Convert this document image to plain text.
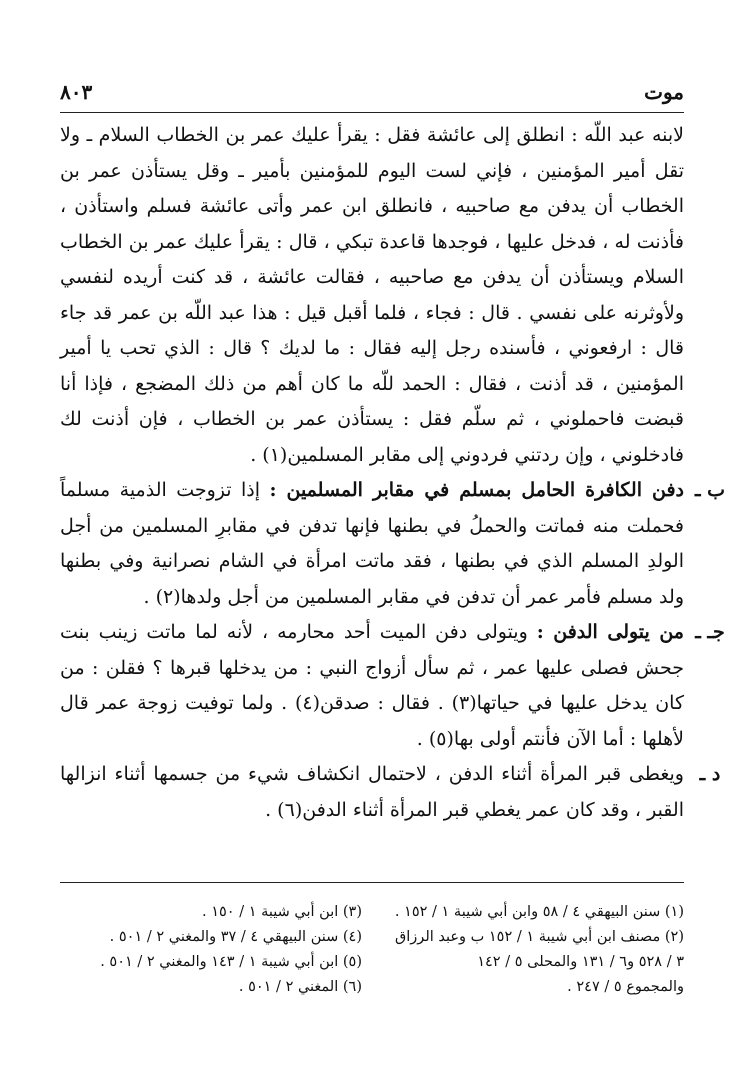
٨٠٣	موت

لابنه عبد اللّه : انطلق إلى عائشة فقل : يقرأ عليك عمر بن الخطاب السلام ـ ولا تقل أمير المؤمنين ، فإني لست اليوم للمؤمنين بأمير ـ وقل يستأذن عمر بن الخطاب أن يدفن مع صاحبيه ، فانطلق ابن عمر وأتى عائشة فسلم واستأذن ، فأذنت له ، فدخل عليها ، فوجدها قاعدة تبكي ، قال : يقرأ عليك عمر بن الخطاب السلام ويستأذن أن يدفن مع صاحبيه ، فقالت عائشة ، قد كنت أريده لنفسي ولأوثرنه على نفسي . قال : فجاء ، فلما أقبل قيل : هذا عبد اللّه بن عمر قد جاء قال : ارفعوني ، فأسنده رجل إليه فقال : ما لديك ؟ قال : الذي تحب يا أمير المؤمنين ، قد أذنت ، فقال : الحمد للّه ما كان أهم من ذلك المضجع ، فإذا أنا قبضت فاحملوني ، ثم سلّم فقل : يستأذن عمر بن الخطاب ، فإن أذنت لك فادخلوني ، وإن ردتني فردوني إلى مقابر المسلمين(١) .

ب ـ

دفن الكافرة الحامل بمسلم في مقابر المسلمين : إذا تزوجت الذمية مسلماً فحملت منه فماتت والحملُ في بطنها فإنها تدفن في مقابرِ المسلمين من أجل الولدِ المسلم الذي في بطنها ، فقد ماتت امرأة في الشام نصرانية وفي بطنها ولد مسلم فأمر عمر أن تدفن في مقابر المسلمين من أجل ولدها(٢) .

جـ ـ

من يتولى الدفن : ويتولى دفن الميت أحد محارمه ، لأنه لما ماتت زينب بنت جحش فصلى عليها عمر ، ثم سأل أزواج النبي : من يدخلها قبرها ؟ فقلن : من كان يدخل عليها في حياتها(٣) . فقال : صدقن(٤) . ولما توفيت زوجة عمر قال لأهلها : أما الآن فأنتم أولى بها(٥) .

د ـ

ويغطى قبر المرأة أثناء الدفن ، لاحتمال انكشاف شيء من جسمها أثناء انزالها القبر ، وقد كان عمر يغطي قبر المرأة أثناء الدفن(٦) .

(١) سنن البيهقي ٤ / ٥٨ وابن أبي شيبة ١ / ١٥٢ .
(٢) مصنف ابن أبي شيبة ١ / ١٥٢ ب وعبد الرزاق
٣ / ٥٢٨ و٦ / ١٣١ والمحلى ٥ / ١٤٢
والمجموع ٥ / ٢٤٧ .
(٣) ابن أبي شيبة ١ / ١٥٠ .
(٤) سنن البيهقي ٤ / ٣٧ والمغني ٢ / ٥٠١ .
(٥) ابن أبي شيبة ١ / ١٤٣ والمغني ٢ / ٥٠١ .
(٦) المغني ٢ / ٥٠١ .
